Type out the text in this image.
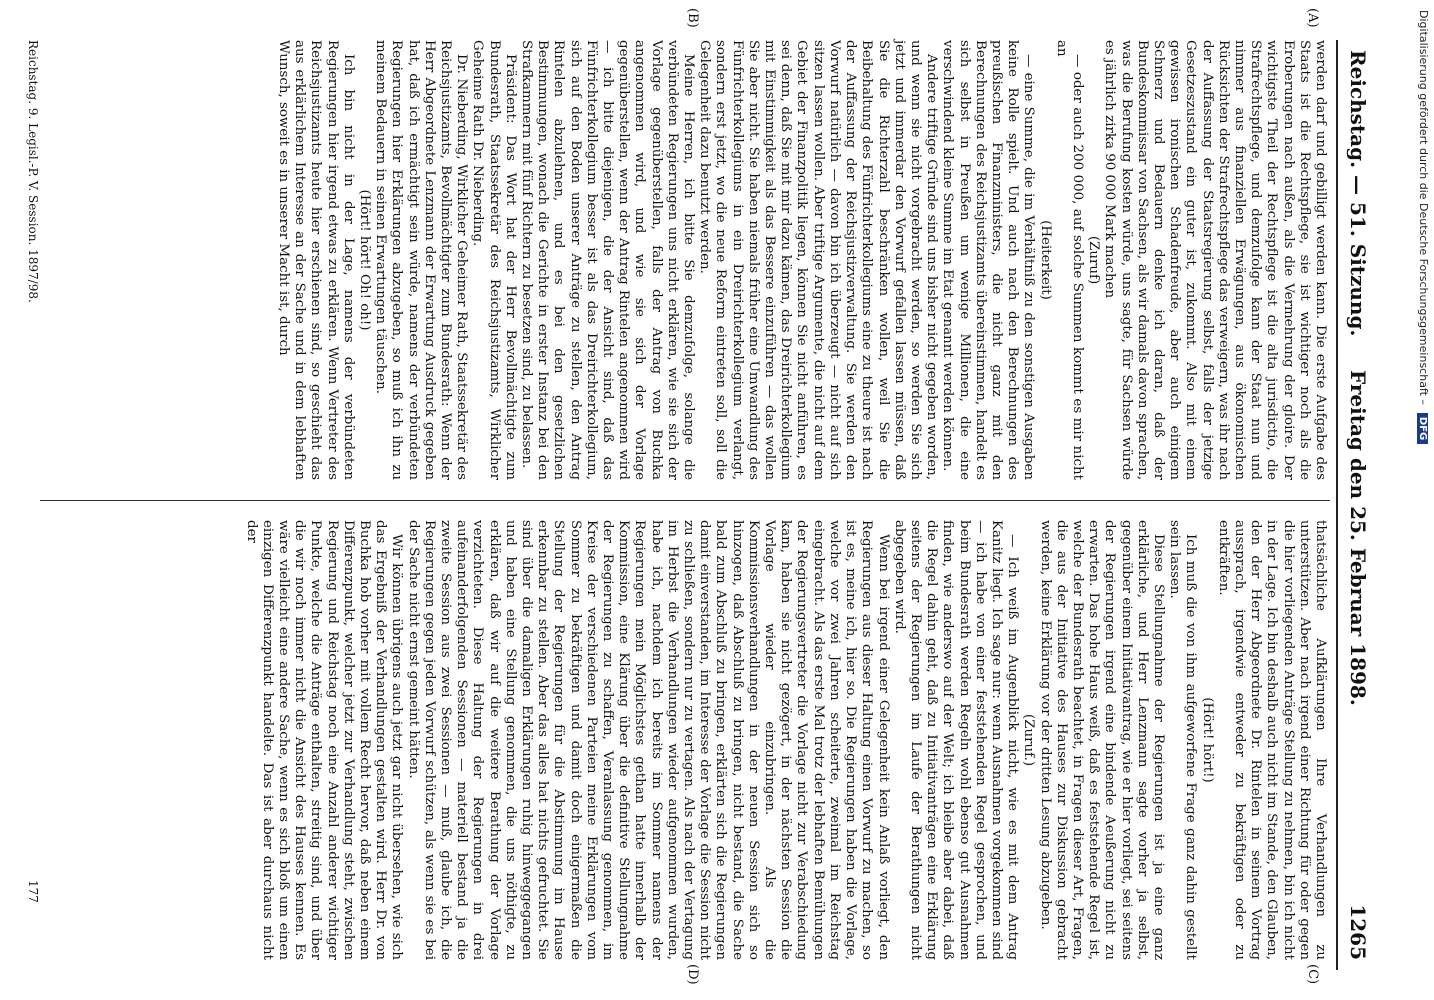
Reichstag. — 51. Sitzung.
Freitag den 25. Februar 1898.
1265
(A)
(B)
(C)
(D)

werden darf und gebilligt werden kann. Die erste Aufgabe des Staats ist die Rechtspflege, sie ist wichtiger noch als die Eroberungen nach außen, als die Vermehrung der gloire. Der wichtigste Theil der Rechtspflege ist die alta jurisdictio, die Strafrechtspflege, und demzufolge kann der Staat nun und nimmer aus finanziellen Erwägungen, aus ökonomischen Rücksichten der Strafrechtspflege das verweigern, was ihr nach der Auffassung der Staatsregierung selbst, falls der jetzige Gesetzeszustand ein guter ist, zukommt. Also mit einem gewissen ironischen Schadenfreude, aber auch einigem Schmerz und Bedauern denke ich daran, daß der Bundeskommissar von Sachsen, als wir damals davon sprachen, was die Berufung kosten würde, uns sagte, für Sachsen würde es jährlich zirka 90 000 Mark machen

(Zuruf)

— oder auch 200 000, auf solche Summen kommt es mir nicht an

(Heiterkeit)

— eine Summe, die im Verhältniß zu den sonstigen Ausgaben keine Rolle spielt. Und auch nach den Berechnungen des preußischen Finanzministers, die nicht ganz mit den Berechnungen des Reichsjustizamts übereinstimmen, handelt es sich selbst in Preußen um wenige Millionen, die eine verschwindend kleine Summe im Etat genannt werden können.

Andere triftige Gründe sind uns bisher nicht gegeben worden, und wenn sie nicht vorgebracht werden, so werden Sie sich jetzt und immerdar den Vorwurf gefallen lassen müssen, daß Sie die Richterzahl beschränken wollen, weil Sie die Beibehaltung des Fünfrichterkollegiums eine zu theure ist nach der Auffassung der Reichsjustizverwaltung. Sie werden den Vorwurf natürlich — davon bin ich überzeugt — nicht auf sich sitzen lassen wollen. Aber triftige Argumente, die nicht auf dem Gebiet der Finanzpolitik liegen, können Sie nicht anführen, es sei denn, daß Sie mit mir dazu kämen, das Dreirichterkollegium mit Einstimmigkeit als das Bessere einzuführen — das wollen Sie aber nicht. Sie haben niemals früher eine Umwandlung des Fünfrichterkollegiums in ein Dreirichterkollegium verlangt, sondern erst jetzt, wo die neue Reform eintreten soll, soll die Gelegenheit dazu benutzt werden.

Meine Herren, ich bitte Sie demzufolge, solange die verbündeten Regierungen uns nicht erklären, wie sie sich der Vorlage gegenüberstellen, falls der Antrag von Buchka angenommen wird, und wie sie sich der Vorlage gegenüberstellen, wenn der Antrag Rintelen angenommen wird — ich bitte diejenigen, die der Ansicht sind, daß das Fünfrichterkollegium besser ist als das Dreirichterkollegium, sich auf den Boden unserer Anträge zu stellen, den Antrag Rintelen abzulehnen, und es bei den gesetzlichen Bestimmungen, wonach die Gerichte in erster Instanz bei den Strafkammern mit fünf Richtern zu besetzen sind, zu belassen.

Präsident: Das Wort hat der Herr Bevollmächtigte zum Bundesrath, Staatssekretär des Reichsjustizamts, Wirklicher Geheime Rath Dr. Nieberding.

Dr. Nieberding, Wirklicher Geheimer Rath, Staatssekretär des Reichsjustizamts, Bevollmächtigter zum Bundesrath: Wenn der Herr Abgeordnete Lenzmann der Erwartung Ausdruck gegeben hat, daß ich ermächtigt sein würde, namens der verbündeten Regierungen hier Erklärungen abzugeben, so muß ich ihn zu meinem Bedauern in seinen Erwartungen täuschen.

(Hört! hört! Oh! oh!)

Ich bin nicht in der Lage, namens der verbündeten Regierungen hier irgend etwas zu erklären. Wenn Vertreter des Reichsjustizamts heute hier erschienen sind, so geschieht das aus erklärlichem Interesse an der Sache und in dem lebhaften Wunsch, soweit es in unserer Macht ist, durch

thatsächliche Aufklärungen Ihre Verhandlungen zu unterstützen. Aber nach irgend einer Richtung für oder gegen die hier vorliegenden Anträge Stellung zu nehmen, bin ich nicht in der Lage. Ich bin deshalb auch nicht im Stande, den Glauben, den der Herr Abgeordnete Dr. Rintelen in seinem Vortrag aussprach, irgendwie entweder zu bekräftigen oder zu entkräften.

(Hört! hört!)

Ich muß die von ihm aufgeworfene Frage ganz dahin gestellt sein lassen.

Diese Stellungnahme der Regierungen ist ja eine ganz erklärliche, und Herr Lenzmann sagte vorher ja selbst, gegenüber einem Initiativantrag, wie er hier vorliegt, sei seitens der Regierungen irgend eine bindende Aeußerung nicht zu erwarten. Das hohe Haus weiß, daß es feststehende Regel ist, welche der Bundesrath beachtet, in Fragen dieser Art, Fragen, die aus der Initiative des Hauses zur Diskussion gebracht werden, keine Erklärung vor der dritten Lesung abzugeben.

(Zuruf.)

— Ich weiß im Augenblick nicht, wie es mit dem Antrag Kanitz liegt. Ich sage nur: wenn Ausnahmen vorgekommen sind — ich habe von einer feststehenden Regel gesprochen, und beim Bundesrath werden Regeln wohl ebenso gut Ausnahmen finden, wie anderswo auf der Welt; ich bleibe aber dabei, daß die Regel dahin geht, daß zu Initiativanträgen eine Erklärung seitens der Regierungen im Laufe der Berathungen nicht abgegeben wird.

Wenn bei irgend einer Gelegenheit kein Anlaß vorliegt, den Regierungen aus dieser Haltung einen Vorwurf zu machen, so ist es, meine ich, hier so. Die Regierungen haben die Vorlage, welche vor zwei Jahren scheiterte, zweimal im Reichstag eingebracht. Als das erste Mal trotz der lebhaften Bemühungen der Regierungsvertreter die Vorlage nicht zur Verabschiedung kam, haben sie nicht gezögert, in der nächsten Session die Vorlage wieder einzubringen. Als die Kommissionsverhandlungen in der neuen Session sich so hinzogen, daß Abschluß zu bringen, nicht bestand, die Sache bald zum Abschluß zu bringen, erklärten sich die Regierungen damit einverstanden, im Interesse der Vorlage die Session nicht zu schließen, sondern nur zu vertagen. Als nach der Vertagung im Herbst die Verhandlungen wieder aufgenommen wurden, habe ich, nachdem ich bereits im Sommer namens der Regierungen mein Möglichstes gethan hatte innerhalb der Kommission, eine Klärung über die definitive Stellungnahme der Regierungen zu schaffen, Veranlassung genommen, im Kreise der verschiedenen Parteien meine Erklärungen vom Sommer zu bekräftigen und damit doch einigermaßen die Stellung der Regierungen für die Abstimmung im Hause erkennbar zu stellen. Aber das alles hat nichts gefruchtet. Sie sind über die damaligen Erklärungen ruhig hinweggegangen und haben eine Stellung genommen, die uns nöthigte, zu erklären, daß wir auf die weitere Berathung der Vorlage verzichteten. Diese Haltung der Regierungen in drei aufeinanderfolgenden Sessionen — materiell bestand ja die zweite Session aus zwei Sessionen — muß, glaube ich, die Regierungen gegen jeden Vorwurf schützen, als wenn sie es bei der Sache nicht ernst gemeint hätten.

Wir können übrigens auch jetzt gar nicht übersehen, wie sich das Ergebniß der Verhandlungen gestalten wird. Herr Dr. von Buchka hob vorher mit vollem Recht hervor, daß neben einem Differenzpunkt, welcher jetzt zur Verhandlung steht, zwischen Regierung und Reichstag noch eine Anzahl anderer wichtiger Punkte, welche die Anträge enthalten, streitig sind, und über die wir noch immer nicht die Ansicht des Hauses kennen. Es wäre vielleicht eine andere Sache, wenn es sich bloß um einen einzigen Differenzpunkt handelte. Das ist aber durchaus nicht der

Reichstag. 9. Legisl.-P. V. Session. 1897/98.
177
Digitalisierung gefördert durch die Deutsche Forschungsgemeinschaft –DFG
